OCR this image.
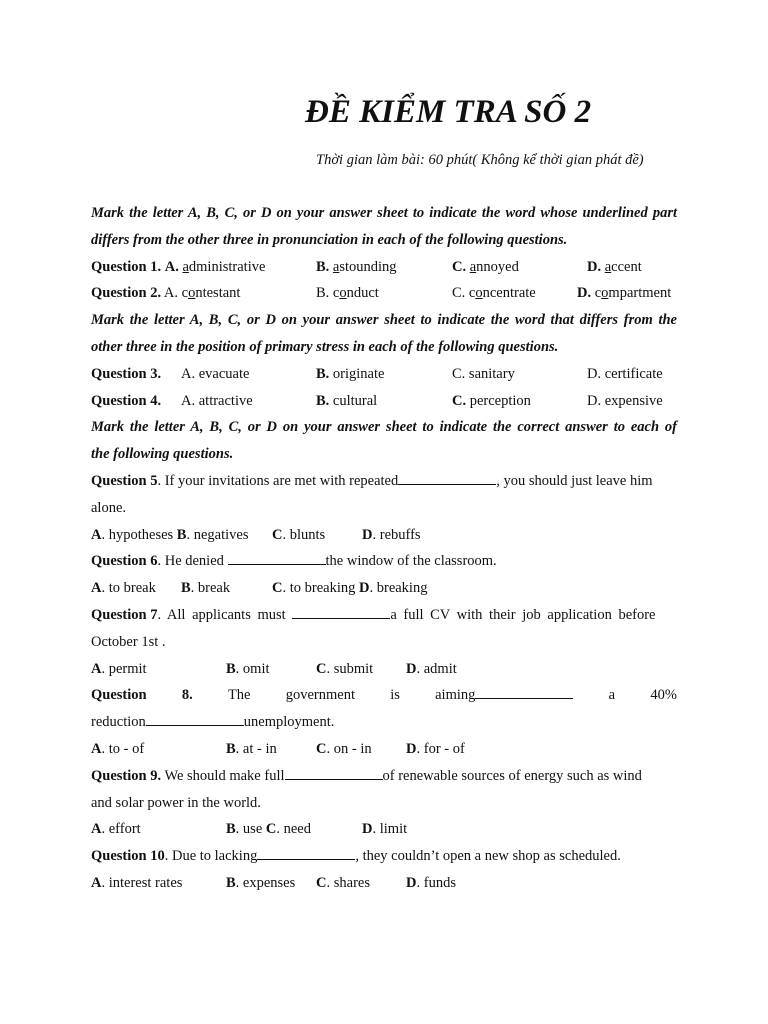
ĐỀ KIỂM TRA SỐ 2
Thời gian làm bài: 60 phút( Không kể thời gian phát đề)
Mark the letter A, B, C, or D on your answer sheet to indicate the word whose underlined part
differs from the other three in pronunciation in each of the following questions.
Question 1. A. administrative	B. astounding	C. annoyed	D. accent
Question 2. A. contestant	B. conduct	C. concentrate	D. compartment
Mark the letter A, B, C, or D on your answer sheet to indicate the word that differs from the
other three in the position of primary stress in each of the following questions.
Question 3. A. evacuate	B. originate	C. sanitary	D. certificate
Question 4. A. attractive	B. cultural	C. perception	D. expensive
Mark the letter A, B, C, or D on your answer sheet to indicate the correct answer to each of
the following questions.
Question 5. If your invitations are met with repeated	, you should just leave him
alone.
A. hypotheses B. negatives C. blunts	D. rebuffs
Question 6. He denied	the window of the classroom.
A. to break B. break	C. to breaking D. breaking
Question 7. All applicants must	a full CV with their job application before
October 1st .
A. permit	B. omit	C. submit D. admit
Question 8. The government is aiming	a 40%
reduction	unemployment.
A. to - of	B. at - in	C. on - in D. for - of
Question 9. We should make full	of renewable sources of energy such as wind
and solar power in the world.
A. effort	B. use C. need	D. limit
Question 10. Due to lacking	, they couldn’t open a new shop as scheduled.
A. interest rates	B. expenses C. shares D. funds
